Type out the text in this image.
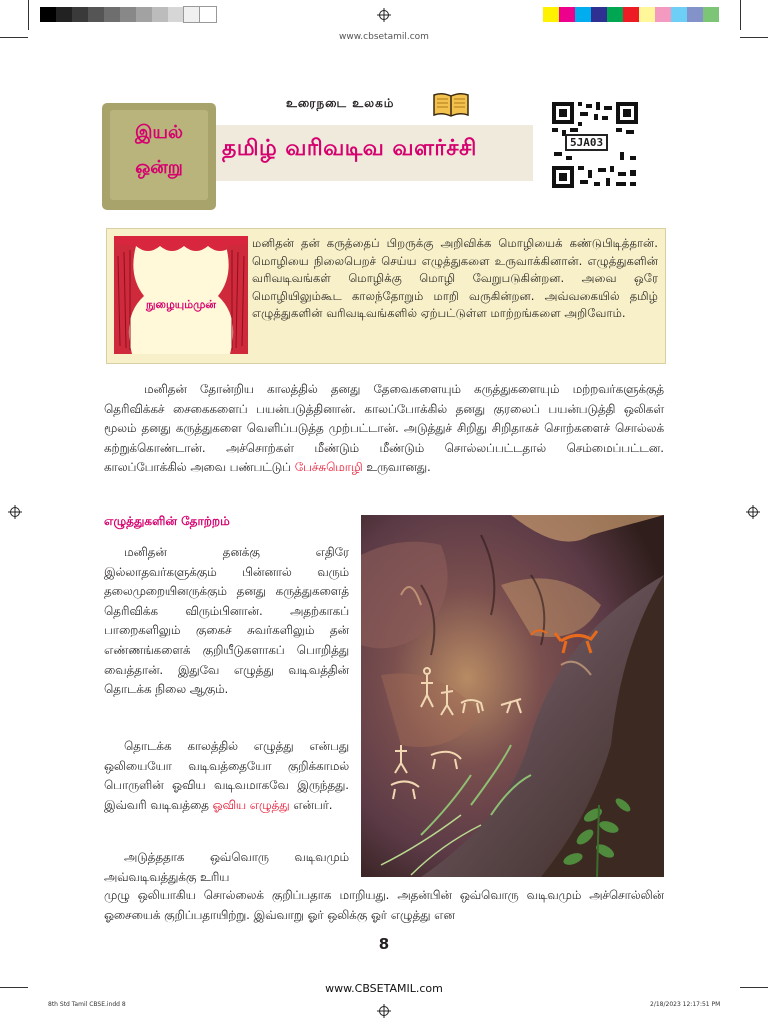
www.cbsetamil.com
உரைநடை உலகம்
தமிழ் வரிவடிவ வளர்ச்சி
இயல்
ஒன்று
5JA03
நுழையும்முன்
மனிதன் தன் கருத்தைப் பிறருக்கு அறிவிக்க மொழியைக் கண்டுபிடித்தான். மொழியை நிலைபெறச் செய்ய எழுத்துகளை உருவாக்கினான். எழுத்துகளின் வரிவடிவங்கள் மொழிக்கு மொழி வேறுபடுகின்றன. அவை ஒரே மொழியிலும்கூட காலந்தோறும் மாறி வருகின்றன. அவ்வகையில் தமிழ் எழுத்துகளின் வரிவடிவங்களில் ஏற்பட்டுள்ள மாற்றங்களை அறிவோம்.
மனிதன் தோன்றிய காலத்தில் தனது தேவைகளையும் கருத்துகளையும் மற்றவர்களுக்குத் தெரிவிக்கச் சைகைகளைப் பயன்படுத்தினான். காலப்போக்கில் தனது குரலைப் பயன்படுத்தி ஒலிகள் மூலம் தனது கருத்துகளை வெளிப்படுத்த முற்பட்டான். அடுத்துச் சிறிது சிறிதாகச் சொற்களைச் சொல்லக் கற்றுக்கொண்டான். அச்சொற்கள் மீண்டும் மீண்டும் சொல்லப்பட்டதால் செம்மைப்பட்டன. காலப்போக்கில் அவை பண்பட்டுப் பேச்சுமொழி உருவானது.
எழுத்துகளின் தோற்றம்
மனிதன் தனக்கு எதிரே இல்லாதவர்களுக்கும் பின்னால் வரும் தலைமுறையினருக்கும் தனது கருத்துகளைத் தெரிவிக்க விரும்பினான். அதற்காகப் பாறைகளிலும் குகைச் சுவர்களிலும் தன் எண்ணங்களைக் குறியீடுகளாகப் பொறித்து வைத்தான். இதுவே எழுத்து வடிவத்தின் தொடக்க நிலை ஆகும்.
தொடக்க காலத்தில் எழுத்து என்பது ஒலியையோ வடிவத்தையோ குறிக்காமல் பொருளின் ஓவிய வடிவமாகவே இருந்தது. இவ்வரி வடிவத்தை ஓவிய எழுத்து என்பர்.
அடுத்ததாக ஒவ்வொரு வடிவமும் அவ்வடிவத்துக்கு உரிய
முழு ஒலியாகிய சொல்லைக் குறிப்பதாக மாறியது. அதன்பின் ஒவ்வொரு வடிவமும் அச்சொல்லின் ஓசையைக் குறிப்பதாயிற்று. இவ்வாறு ஓர் ஒலிக்கு ஓர் எழுத்து என
8
www.CBSETAMIL.com
8th Std Tamil CBSE.indd 8	2/18/2023 12:17:51 PM
